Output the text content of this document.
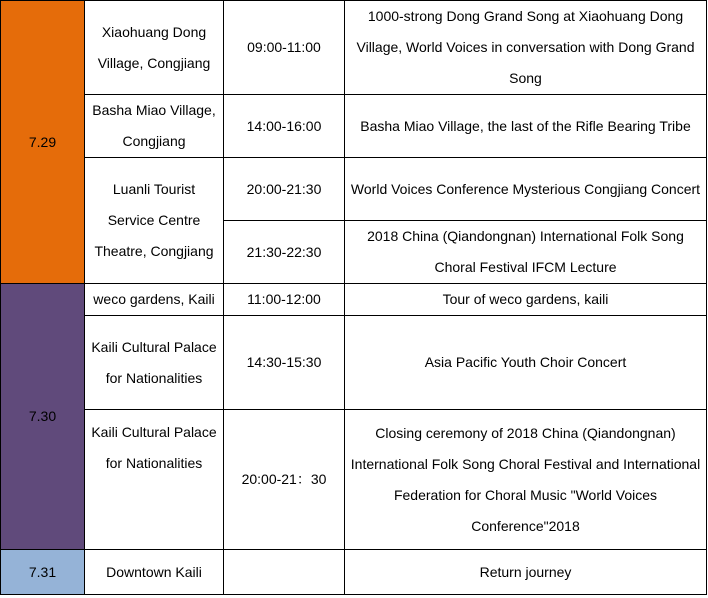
7.29	Xiaohuang Dong Village, Congjiang	09:00-11:00	1000-strong Dong Grand Song at Xiaohuang Dong Village, World Voices in conversation with Dong Grand Song
	Basha Miao Village, Congjiang	14:00-16:00	Basha Miao Village, the last of the Rifle Bearing Tribe
	Luanli Tourist Service Centre Theatre, Congjiang	20:00-21:30	World Voices Conference Mysterious Congjiang Concert
		21:30-22:30	2018 China (Qiandongnan) International Folk Song Choral Festival IFCM Lecture
7.30	weco gardens, Kaili	11:00-12:00	Tour of weco gardens, kaili
	Kaili Cultural Palace for Nationalities	14:30-15:30	Asia Pacific Youth Choir Concert
	Kaili Cultural Palace for Nationalities	20:00-21：30	Closing ceremony of 2018 China (Qiandongnan) International Folk Song Choral Festival and International Federation for Choral Music "World Voices Conference"2018
7.31	Downtown Kaili		Return journey
